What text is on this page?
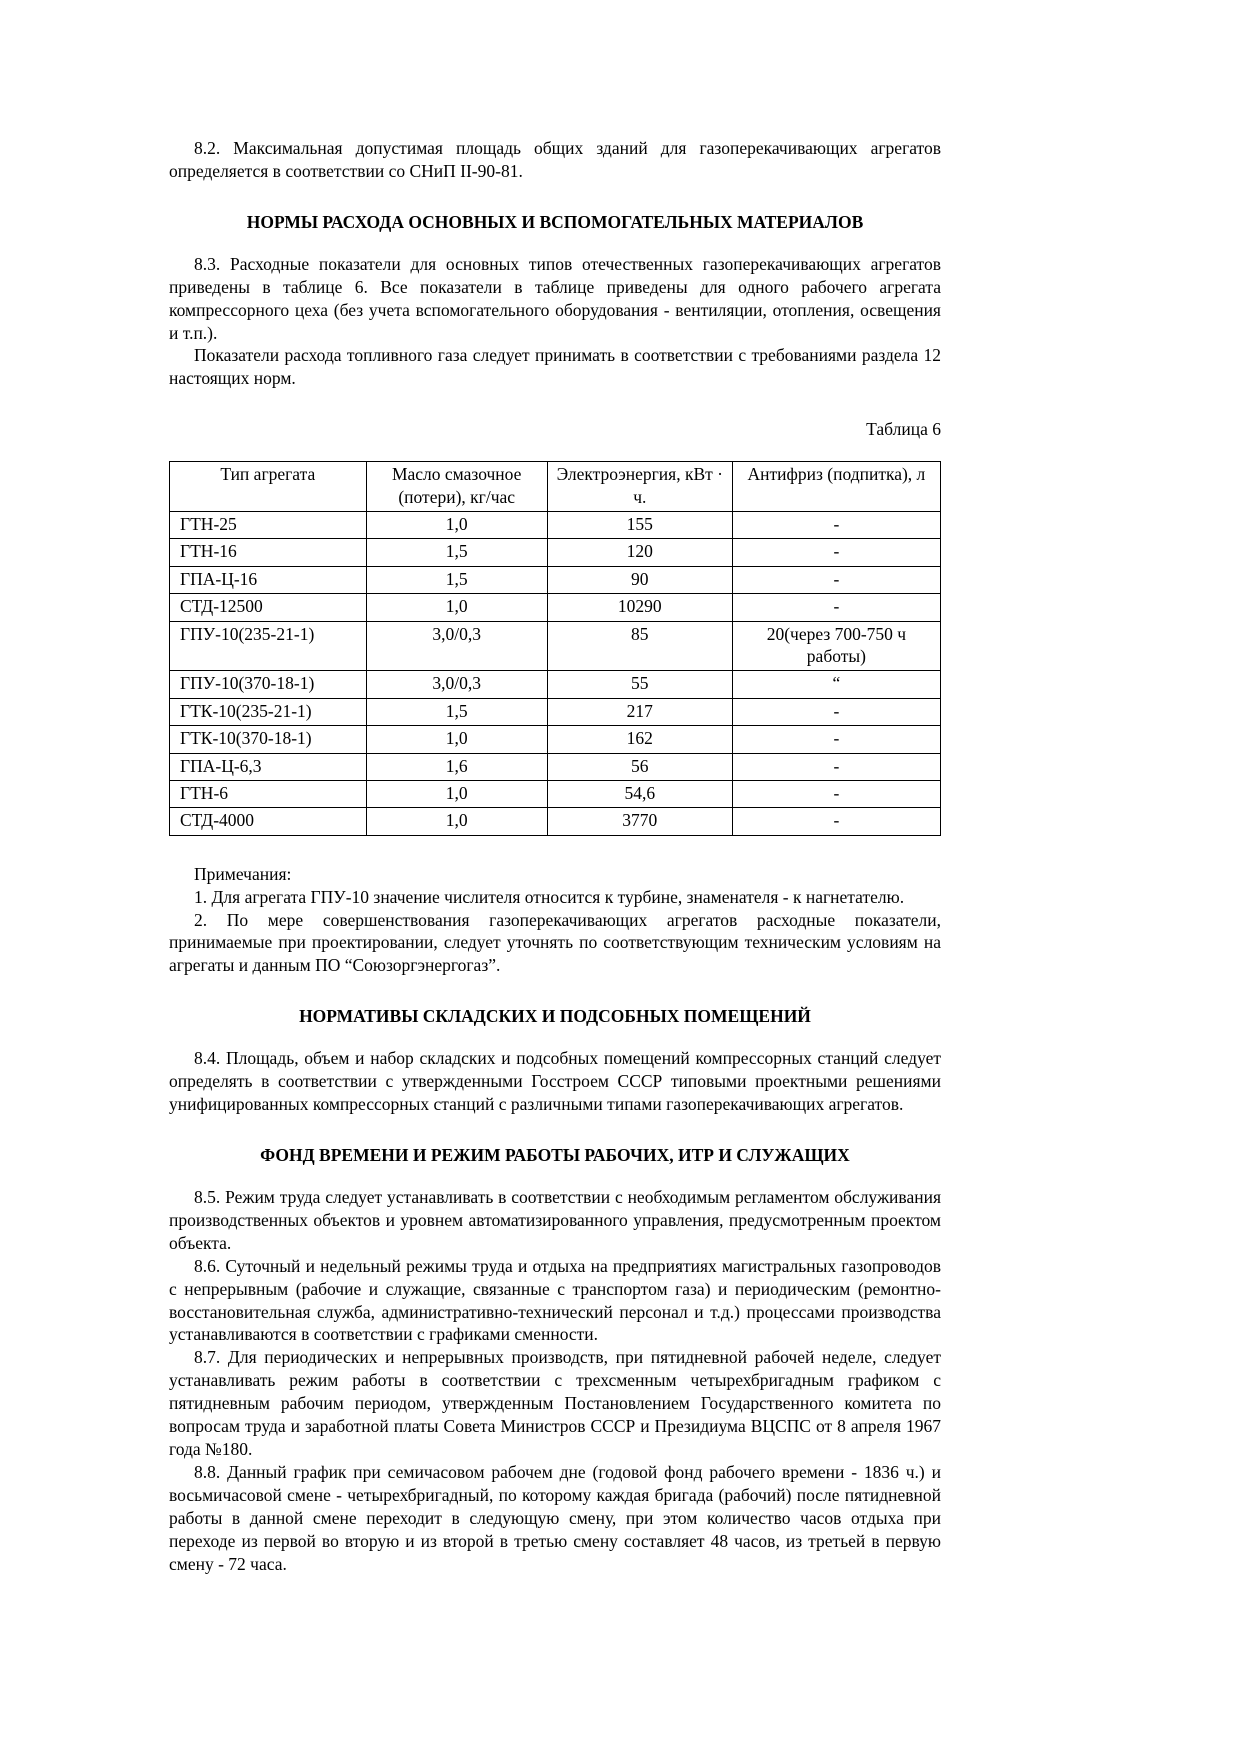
8.2. Максимальная допустимая площадь общих зданий для газоперекачивающих агрегатов определяется в соответствии со СНиП II-90-81.

НОРМЫ РАСХОДА ОСНОВНЫХ И ВСПОМОГАТЕЛЬНЫХ МАТЕРИАЛОВ

8.3. Расходные показатели для основных типов отечественных газоперекачивающих агрегатов приведены в таблице 6. Все показатели в таблице приведены для одного рабочего агрегата компрессорного цеха (без учета вспомогательного оборудования - вентиляции, отопления, освещения и т.п.).

Показатели расхода топливного газа следует принимать в соответствии с требованиями раздела 12 настоящих норм.

Таблица 6

Тип агрегата	Масло смазочное (потери), кг/час	Электроэнергия, кВт · ч.	Антифриз (подпитка), л
ГТН-25	1,0	155	-
ГТН-16	1,5	120	-
ГПА-Ц-16	1,5	90	-
СТД-12500	1,0	10290	-
ГПУ-10(235-21-1)	3,0/0,3	85	20(через 700-750 ч работы)
ГПУ-10(370-18-1)	3,0/0,3	55	“
ГТК-10(235-21-1)	1,5	217	-
ГТК-10(370-18-1)	1,0	162	-
ГПА-Ц-6,3	1,6	56	-
ГТН-6	1,0	54,6	-
СТД-4000	1,0	3770	-

Примечания:

1. Для агрегата ГПУ-10 значение числителя относится к турбине, знаменателя - к нагнетателю.

2. По мере совершенствования газоперекачивающих агрегатов расходные показатели, принимаемые при проектировании, следует уточнять по соответствующим техническим условиям на агрегаты и данным ПО “Союзоргэнергогаз”.

НОРМАТИВЫ СКЛАДСКИХ И ПОДСОБНЫХ ПОМЕЩЕНИЙ

8.4. Площадь, объем и набор складских и подсобных помещений компрессорных станций следует определять в соответствии с утвержденными Госстроем СССР типовыми проектными решениями унифицированных компрессорных станций с различными типами газоперекачивающих агрегатов.

ФОНД ВРЕМЕНИ И РЕЖИМ РАБОТЫ РАБОЧИХ, ИТР И СЛУЖАЩИХ

8.5. Режим труда следует устанавливать в соответствии с необходимым регламентом обслуживания производственных объектов и уровнем автоматизированного управления, предусмотренным проектом объекта.

8.6. Суточный и недельный режимы труда и отдыха на предприятиях магистральных газопроводов с непрерывным (рабочие и служащие, связанные с транспортом газа) и периодическим (ремонтно-восстановительная служба, административно-технический персонал и т.д.) процессами производства устанавливаются в соответствии с графиками сменности.

8.7. Для периодических и непрерывных производств, при пятидневной рабочей неделе, следует устанавливать режим работы в соответствии с трехсменным четырехбригадным графиком с пятидневным рабочим периодом, утвержденным Постановлением Государственного комитета по вопросам труда и заработной платы Совета Министров СССР и Президиума ВЦСПС от 8 апреля 1967 года №180.

8.8. Данный график при семичасовом рабочем дне (годовой фонд рабочего времени - 1836 ч.) и восьмичасовой смене - четырехбригадный, по которому каждая бригада (рабочий) после пятидневной работы в данной смене переходит в следующую смену, при этом количество часов отдыха при переходе из первой во вторую и из второй в третью смену составляет 48 часов, из третьей в первую смену - 72 часа.
